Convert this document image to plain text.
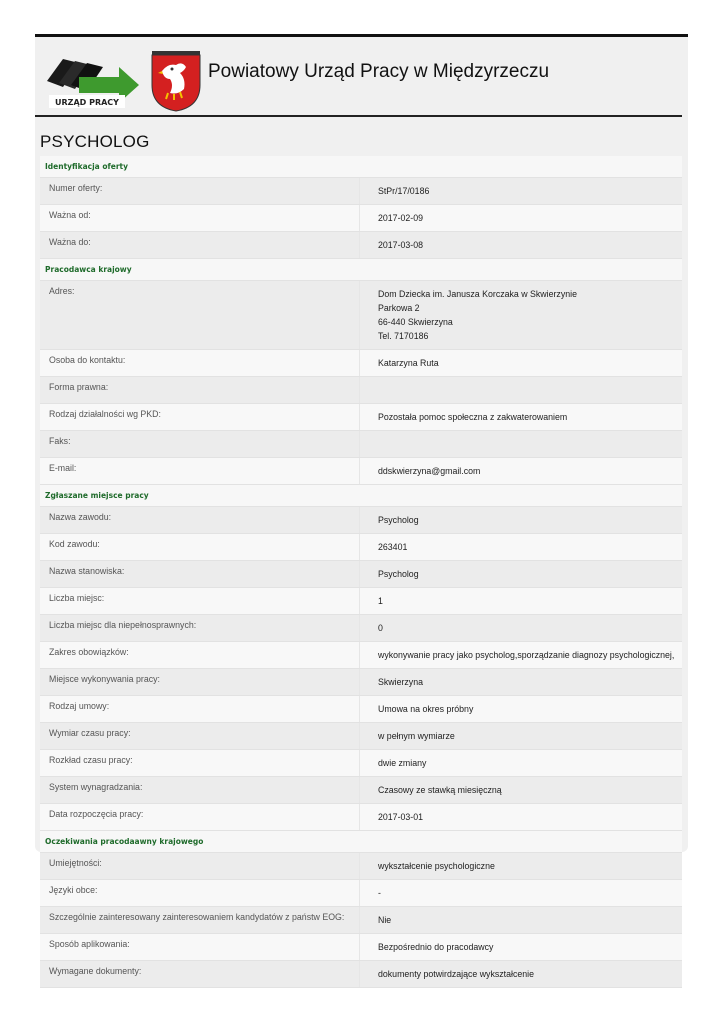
URZĄD PRACY
Powiatowy Urząd Pracy w Międzyrzeczu
PSYCHOLOG
Identyfikacja oferty
Numer oferty:	StPr/17/0186
Ważna od:	2017-02-09
Ważna do:	2017-03-08
Pracodawca krajowy
Adres:	Dom Dziecka im. Janusza Korczaka w Skwierzynie
Parkowa 2
66-440 Skwierzyna
Tel. 7170186
Osoba do kontaktu:	Katarzyna Ruta
Forma prawna:

Rodzaj działalności wg PKD:	Pozostała pomoc społeczna z zakwaterowaniem
Faks:

E-mail:	ddskwierzyna@gmail.com
Zgłaszane miejsce pracy
Nazwa zawodu:	Psycholog
Kod zawodu:	263401
Nazwa stanowiska:	Psycholog
Liczba miejsc:	1
Liczba miejsc dla niepełnosprawnych:	0
Zakres obowiązków:	wykonywanie pracy jako psycholog,sporządzanie diagnozy psychologicznej,
Miejsce wykonywania pracy:	Skwierzyna
Rodzaj umowy:	Umowa na okres próbny
Wymiar czasu pracy:	w pełnym wymiarze
Rozkład czasu pracy:	dwie zmiany
System wynagradzania:	Czasowy ze stawką miesięczną
Data rozpoczęcia pracy:	2017-03-01
Oczekiwania pracodaawny krajowego
Umiejętności:	wykształcenie psychologiczne
Języki obce:	-
Szczególnie zainteresowany zainteresowaniem kandydatów z państw EOG:	Nie
Sposób aplikowania:	Bezpośrednio do pracodawcy
Wymagane dokumenty:	dokumenty potwirdzające wykształcenie
